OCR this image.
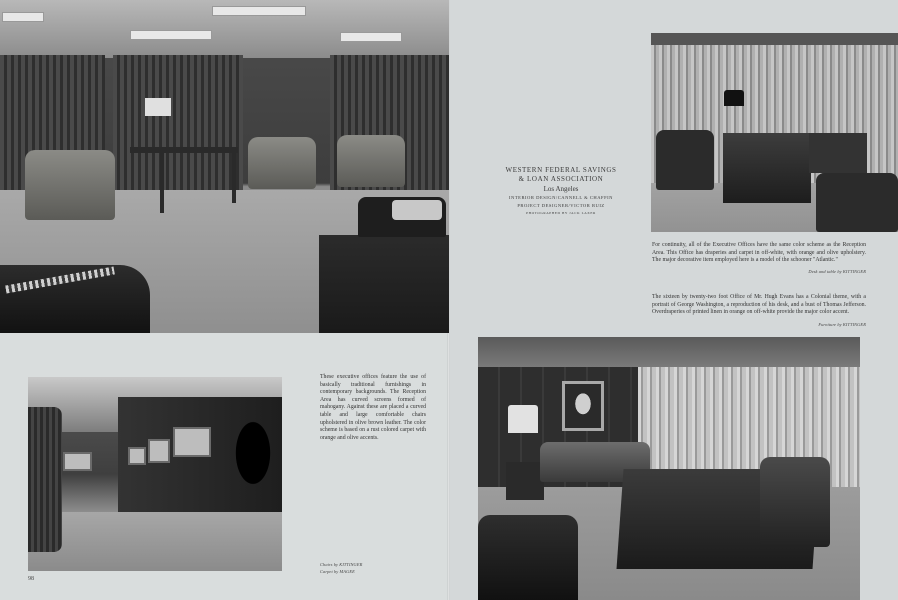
WESTERN FEDERAL SAVINGS
& LOAN ASSOCIATION
Los Angeles
INTERIOR DESIGN/CANNELL & CHAFFIN
PROJECT DESIGNER/VICTOR RUIZ
PHOTOGRAPHED BY JACK LAXER
These executive offices feature the use of basically traditional furnishings in contemporary backgrounds. The Reception Area has curved screens formed of mahogany. Against these are placed a curved table and large comfortable chairs upholstered in olive brown leather. The color scheme is based on a rust colored carpet with orange and olive accents.
For continuity, all of the Executive Offices have the same color scheme as the Reception Area. This Office has draperies and carpet in off-white, with orange and olive upholstery. The major decorative item employed here is a model of the schooner "Atlantic."
The sixteen by twenty-two foot Office of Mr. Hugh Evans has a Colonial theme, with a portrait of George Washington, a reproduction of his desk, and a bust of Thomas Jefferson. Overdraperies of printed linen in orange on off-white provide the major color accent.
Desk and table by KITTINGER
Furniture by KITTINGER
Chairs by KITTINGER
Carpet by MAGEE
98
